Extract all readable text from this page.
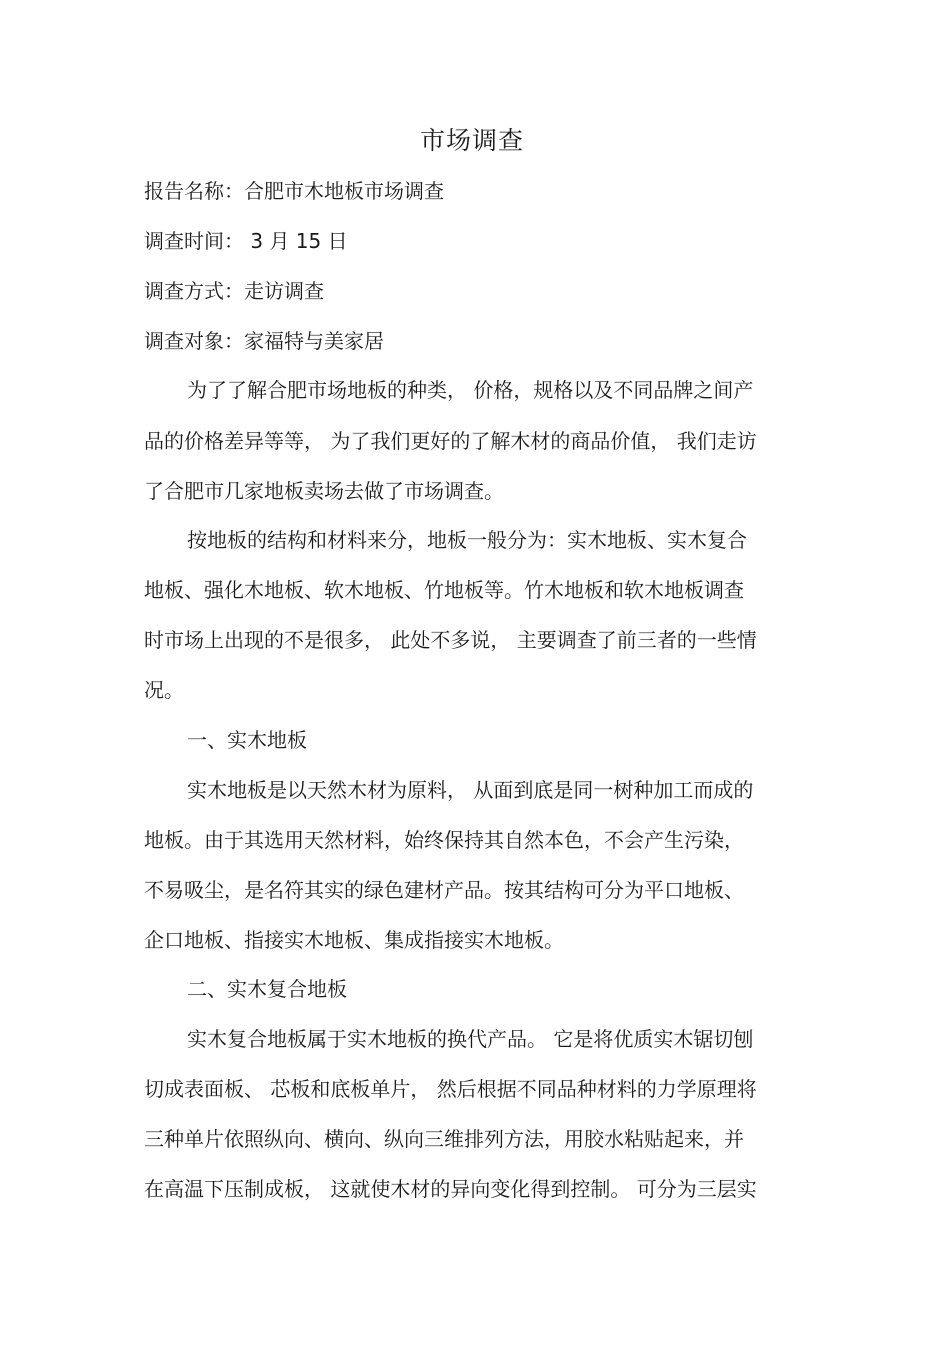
市场调查
报告名称：合肥市木地板市场调查
调查时间： 3 月 15 日
调查方式：走访调查
调查对象：家福特与美家居
为了了解合肥市场地板的种类， 价格，规格以及不同品牌之间产
品的价格差异等等， 为了我们更好的了解木材的商品价值， 我们走访
了合肥市几家地板卖场去做了市场调查。
按地板的结构和材料来分，地板一般分为：实木地板、实木复合
地板、强化木地板、软木地板、竹地板等。竹木地板和软木地板调查
时市场上出现的不是很多， 此处不多说， 主要调查了前三者的一些情
况。
一、实木地板
实木地板是以天然木材为原料， 从面到底是同一树种加工而成的
地板。由于其选用天然材料，始终保持其自然本色，不会产生污染，
不易吸尘，是名符其实的绿色建材产品。按其结构可分为平口地板、
企口地板、指接实木地板、集成指接实木地板。
二、实木复合地板
实木复合地板属于实木地板的换代产品。 它是将优质实木锯切刨
切成表面板、 芯板和底板单片， 然后根据不同品种材料的力学原理将
三种单片依照纵向、横向、纵向三维排列方法，用胶水粘贴起来，并
在高温下压制成板， 这就使木材的异向变化得到控制。 可分为三层实
